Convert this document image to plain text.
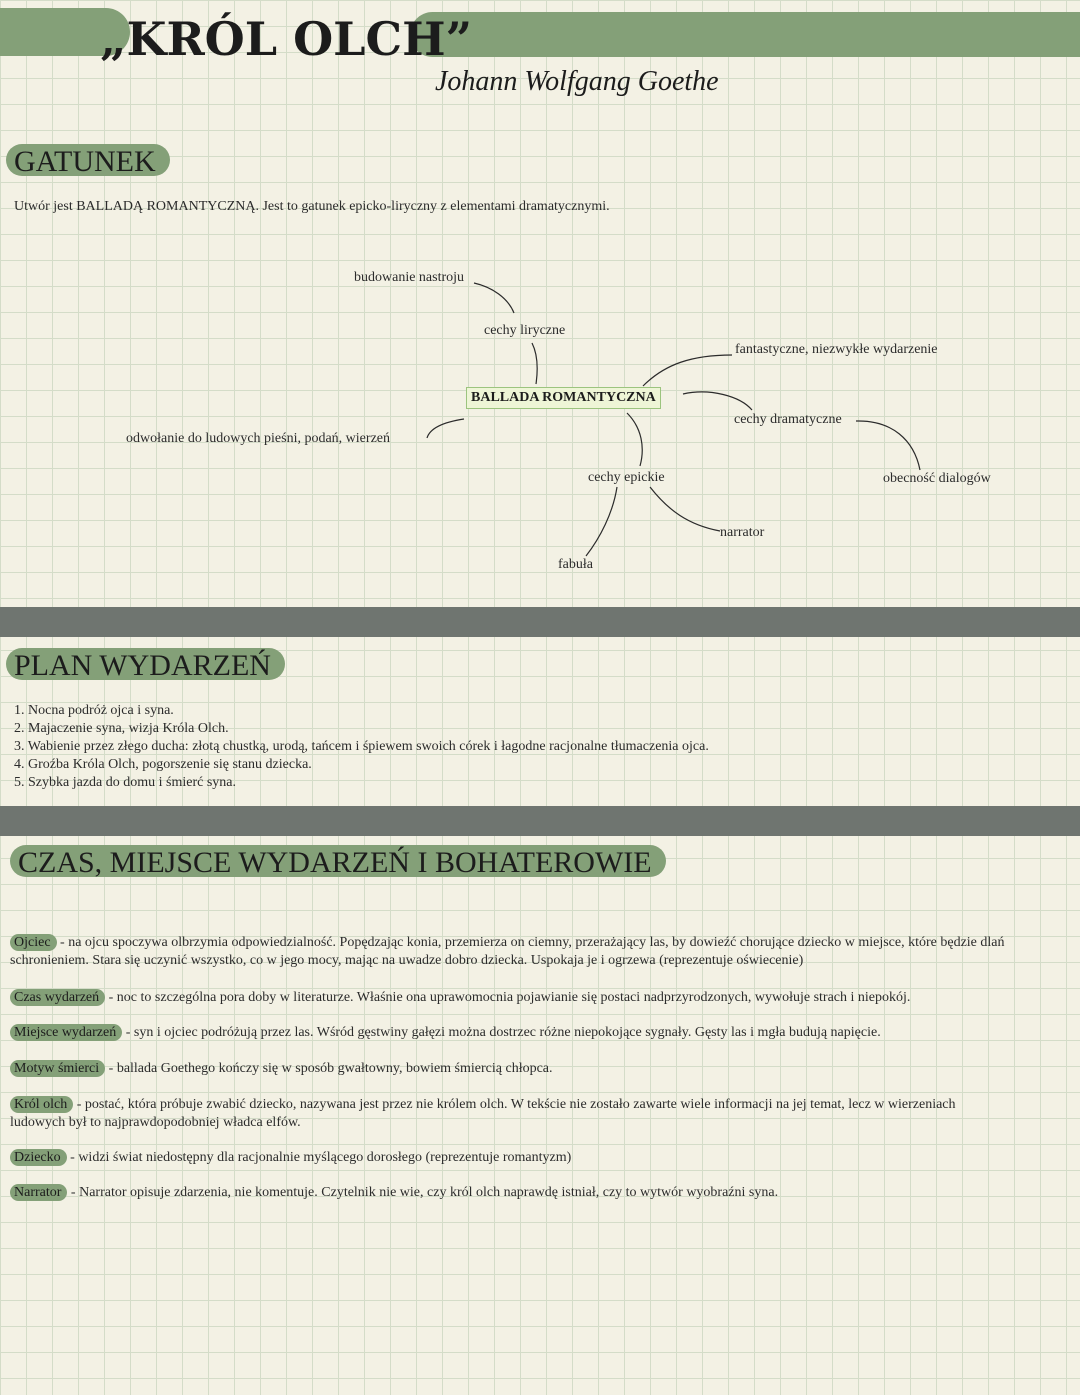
„KRÓL OLCH”
Johann Wolfgang Goethe
GATUNEK
Utwór jest BALLADĄ ROMANTYCZNĄ. Jest to gatunek epicko-liryczny z elementami dramatycznymi.
BALLADA ROMANTYCZNA
budowanie nastroju
cechy liryczne
fantastyczne, niezwykłe wydarzenie
cechy dramatyczne
odwołanie do ludowych pieśni, podań, wierzeń
cechy epickie	obecność dialogów
narrator
fabuła
PLAN WYDARZEŃ
1. Nocna podróż ojca i syna.
2. Majaczenie syna, wizja Króla Olch.
3. Wabienie przez złego ducha: złotą chustką, urodą, tańcem i śpiewem swoich córek i łagodne racjonalne tłumaczenia ojca.
4. Groźba Króla Olch, pogorszenie się stanu dziecka.
5. Szybka jazda do domu i śmierć syna.
CZAS, MIEJSCE WYDARZEŃ I BOHATEROWIE
Ojciec - na ojcu spoczywa olbrzymia odpowiedzialność. Popędzając konia, przemierza on ciemny, przerażający las, by dowieźć chorujące dziecko w miejsce, które będzie dlań schronieniem. Stara się uczynić wszystko, co w jego mocy, mając na uwadze dobro dziecka. Uspokaja je i ogrzewa (reprezentuje oświecenie)
Czas wydarzeń - noc to szczególna pora doby w literaturze. Właśnie ona uprawomocnia pojawianie się postaci nadprzyrodzonych, wywołuje strach i niepokój.
Miejsce wydarzeń - syn i ojciec podróżują przez las. Wśród gęstwiny gałęzi można dostrzec różne niepokojące sygnały. Gęsty las i mgła budują napięcie.
Motyw śmierci - ballada Goethego kończy się w sposób gwałtowny, bowiem śmiercią chłopca.
Król olch - postać, która próbuje zwabić dziecko, nazywana jest przez nie królem olch. W tekście nie zostało zawarte wiele informacji na jej temat, lecz w wierzeniach ludowych był to najprawdopodobniej władca elfów.
Dziecko - widzi świat niedostępny dla racjonalnie myślącego dorosłego (reprezentuje romantyzm)
Narrator - Narrator opisuje zdarzenia, nie komentuje. Czytelnik nie wie, czy król olch naprawdę istniał, czy to wytwór wyobraźni syna.
